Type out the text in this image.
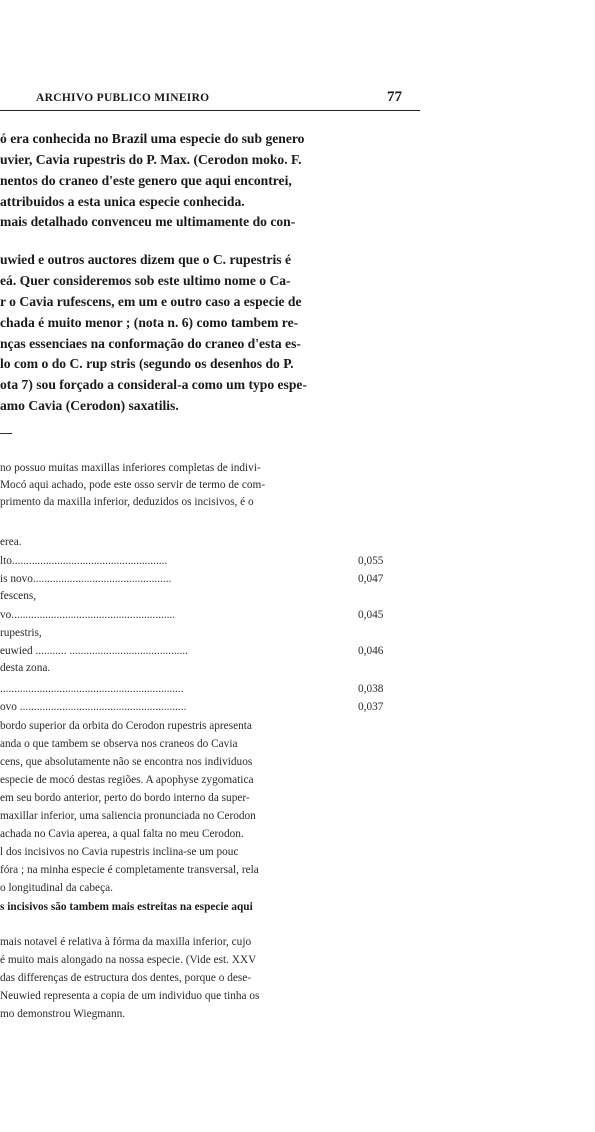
ARCHIVO PUBLICO MINEIRO	77
ó era conhecida no Brazil uma especie do sub genero
uvier, Cavia rupestris do P. Max. (Cerodon moko. F.
nentos do craneo d'este genero que aqui encontrei,
attribuidos a esta unica especie conhecida.
mais detalhado convenceu me ultimamente do con-
uwied e outros auctores dizem que o C. rupestris é
eá. Quer consideremos sob este ultimo nome o Ca-
r o Cavia rufescens, em um e outro caso a especie de
chada é muito menor ; (nota n. 6) como tambem re-
nças essenciaes na conformação do craneo d'esta es-
lo com o do C. rup stris (segundo os desenhos do P.
ota 7) sou forçado a consideral-a como um typo espe-
amo Cavia (Cerodon) saxatilis.
no possuo muitas maxillas inferiores completas de indivi-
Mocó aqui achado, pode este osso servir de termo de com-
primento da maxilla inferior, deduzidos os incisivos, é o
erea.
lto.......................................................	0,055
is novo.................................................	0,047
fescens,
vo..........................................................	0,045
rupestris,
euwied ........... ..........................................	0,046
desta zona.
.................................................................	0,038
ovo ...........................................................	0,037
bordo superior da orbita do Cerodon rupestris apresenta
anda o que tambem se observa nos craneos do Cavia
cens, que absolutamente não se encontra nos individuos
especie de mocó destas regiões. A apophyse zygomatica
em seu bordo anterior, perto do bordo interno da super-
maxillar inferior, uma saliencia pronunciada no Cerodon
achada no Cavia aperea, a qual falta no meu Cerodon.
l dos incisivos no Cavia rupestris inclina-se um pouc
fóra ; na minha especie é completamente transversal, rela
o longitudinal da cabeça.
s incisivos são tambem mais estreitas na especie aqui
mais notavel é relativa à fórma da maxilla inferior, cujo
é muito mais alongado na nossa especie. (Vide est. XXV
das differenças de estructura dos dentes, porque o dese-
Neuwied representa a copia de um individuo que tinha os
mo demonstrou Wiegmann.
